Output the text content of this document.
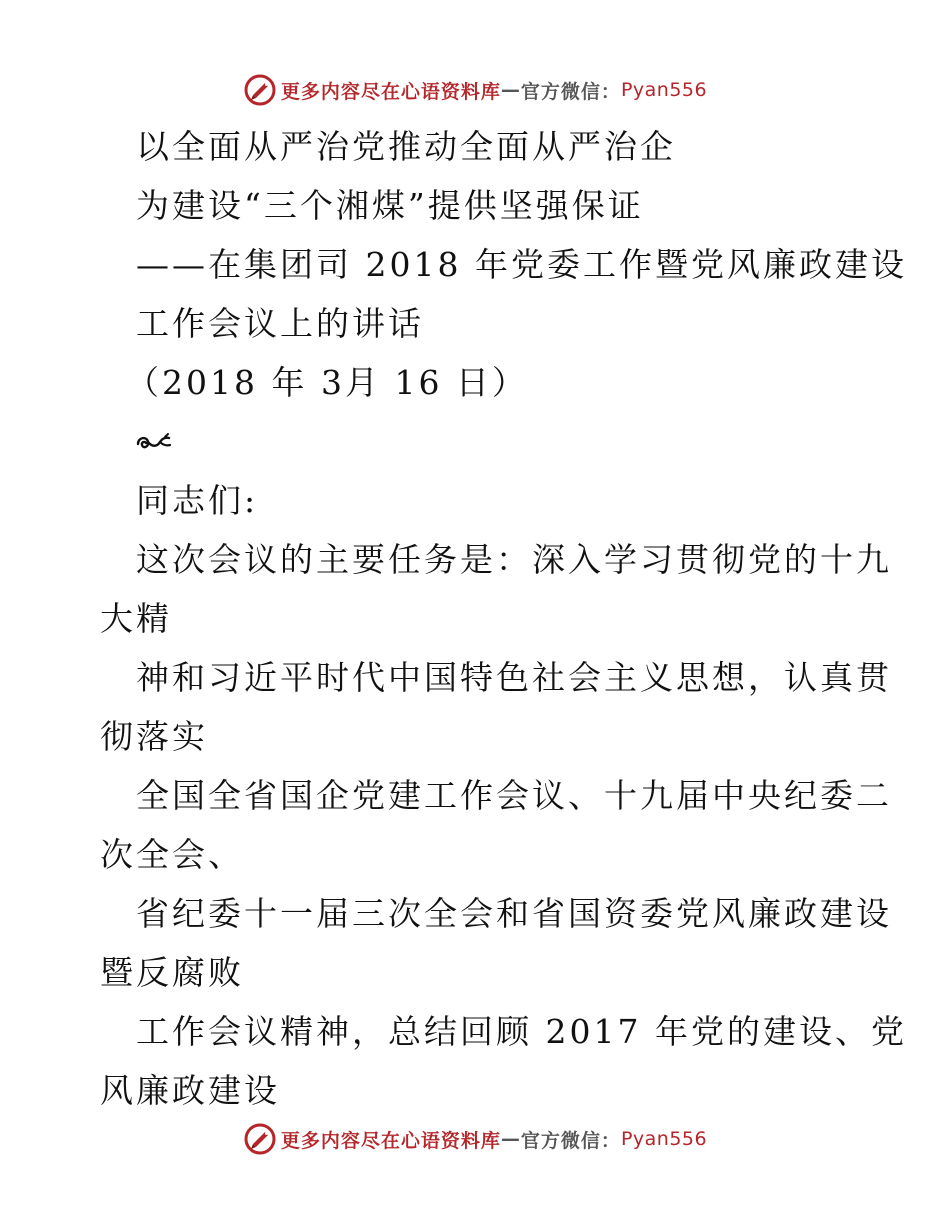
更多内容尽在心语资料库 — 官方微信： Pyan556
以全面从严治党推动全面从严治企
为建设“三个湘煤”提供坚强保证
——在集团司 2018 年党委工作暨党风廉政建设
工作会议上的讲话
（2018 年 3月 16 日）
同志们:
这次会议的主要任务是：深入学习贯彻党的十九
大精
神和习近平时代中国特色社会主义思想，认真贯
彻落实
全国全省国企党建工作会议、十九届中央纪委二
次全会、
省纪委十一届三次全会和省国资委党风廉政建设
暨反腐败
工作会议精神，总结回顾 2017 年党的建设、党
风廉政建设
更多内容尽在心语资料库 — 官方微信： Pyan556
